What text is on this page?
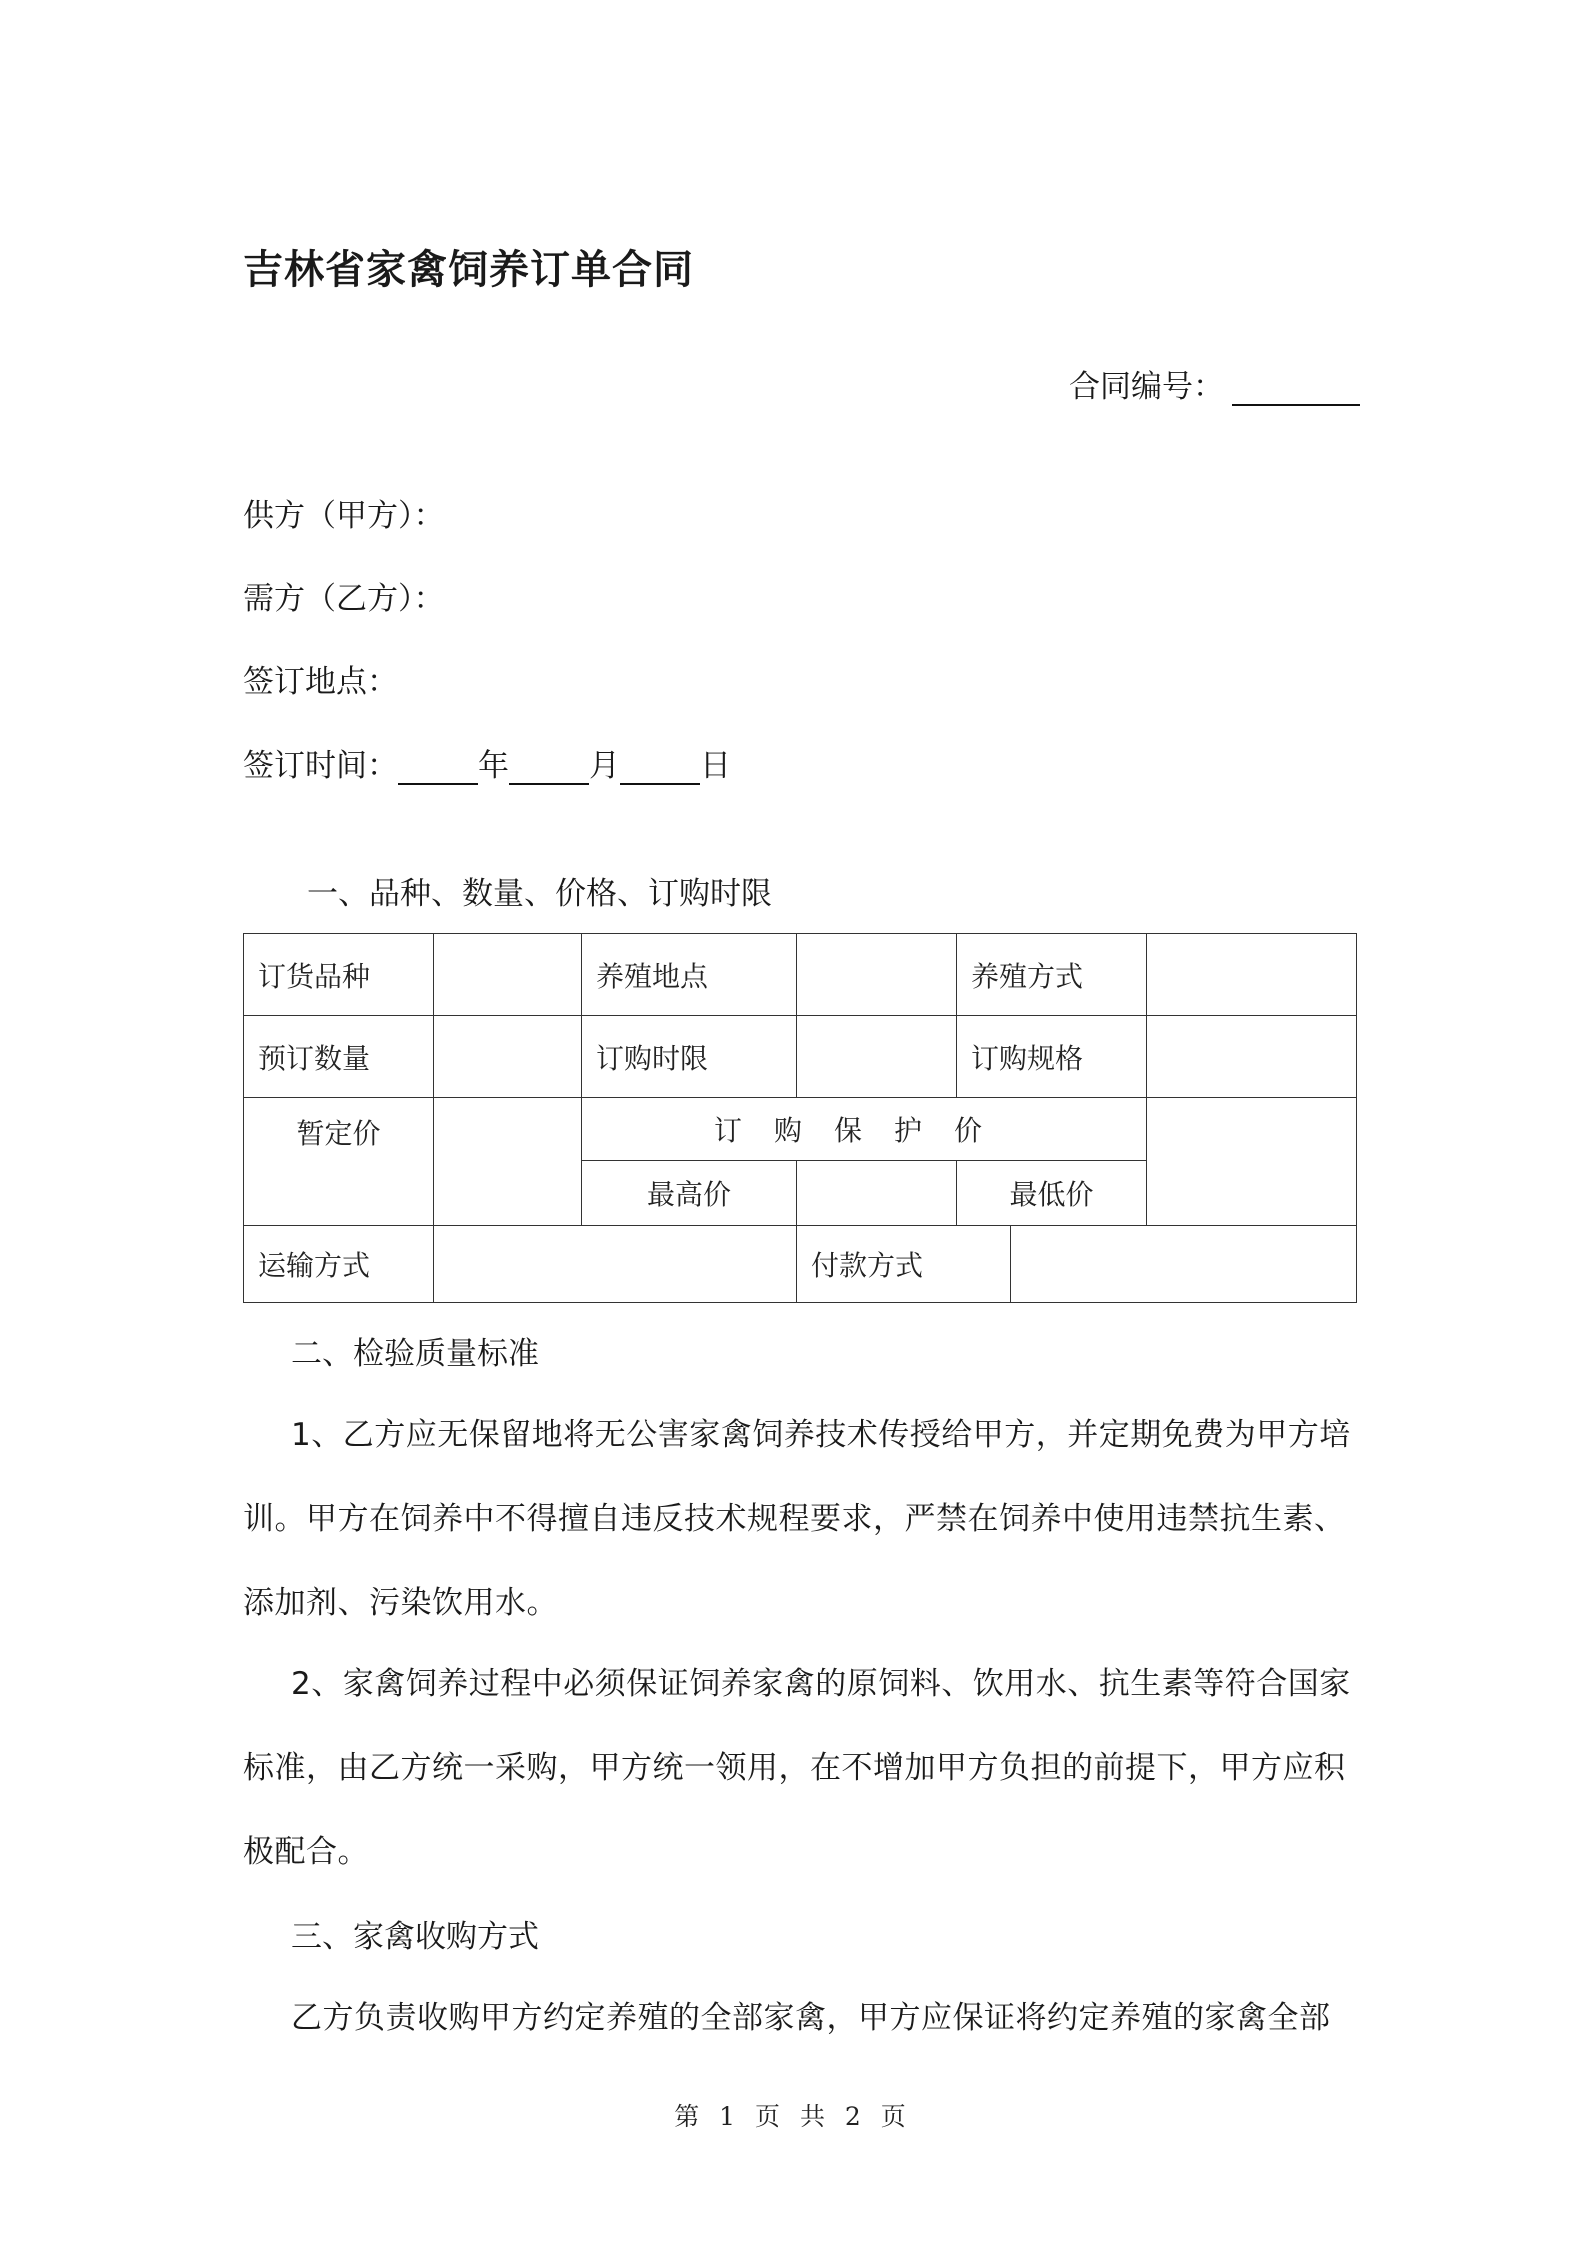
吉林省家禽饲养订单合同
合同编号：
供方（甲方）：
需方（乙方）：
签订地点：
签订时间：	年	月	日
一、品种、数量、价格、订购时限
订货品种		养殖地点		养殖方式		
预订数量		订购时限		订购规格		
暂定价		订购保护价				
		最高价		最低价		
运输方式			付款方式			
二、检验质量标准
1、乙方应无保留地将无公害家禽饲养技术传授给甲方，并定期免费为甲方培训。甲方在饲养中不得擅自违反技术规程要求，严禁在饲养中使用违禁抗生素、添加剂、污染饮用水。
2、家禽饲养过程中必须保证饲养家禽的原饲料、饮用水、抗生素等符合国家标准，由乙方统一采购，甲方统一领用，在不增加甲方负担的前提下，甲方应积极配合。
三、家禽收购方式
乙方负责收购甲方约定养殖的全部家禽，甲方应保证将约定养殖的家禽全部
第 1 页 共 2 页
